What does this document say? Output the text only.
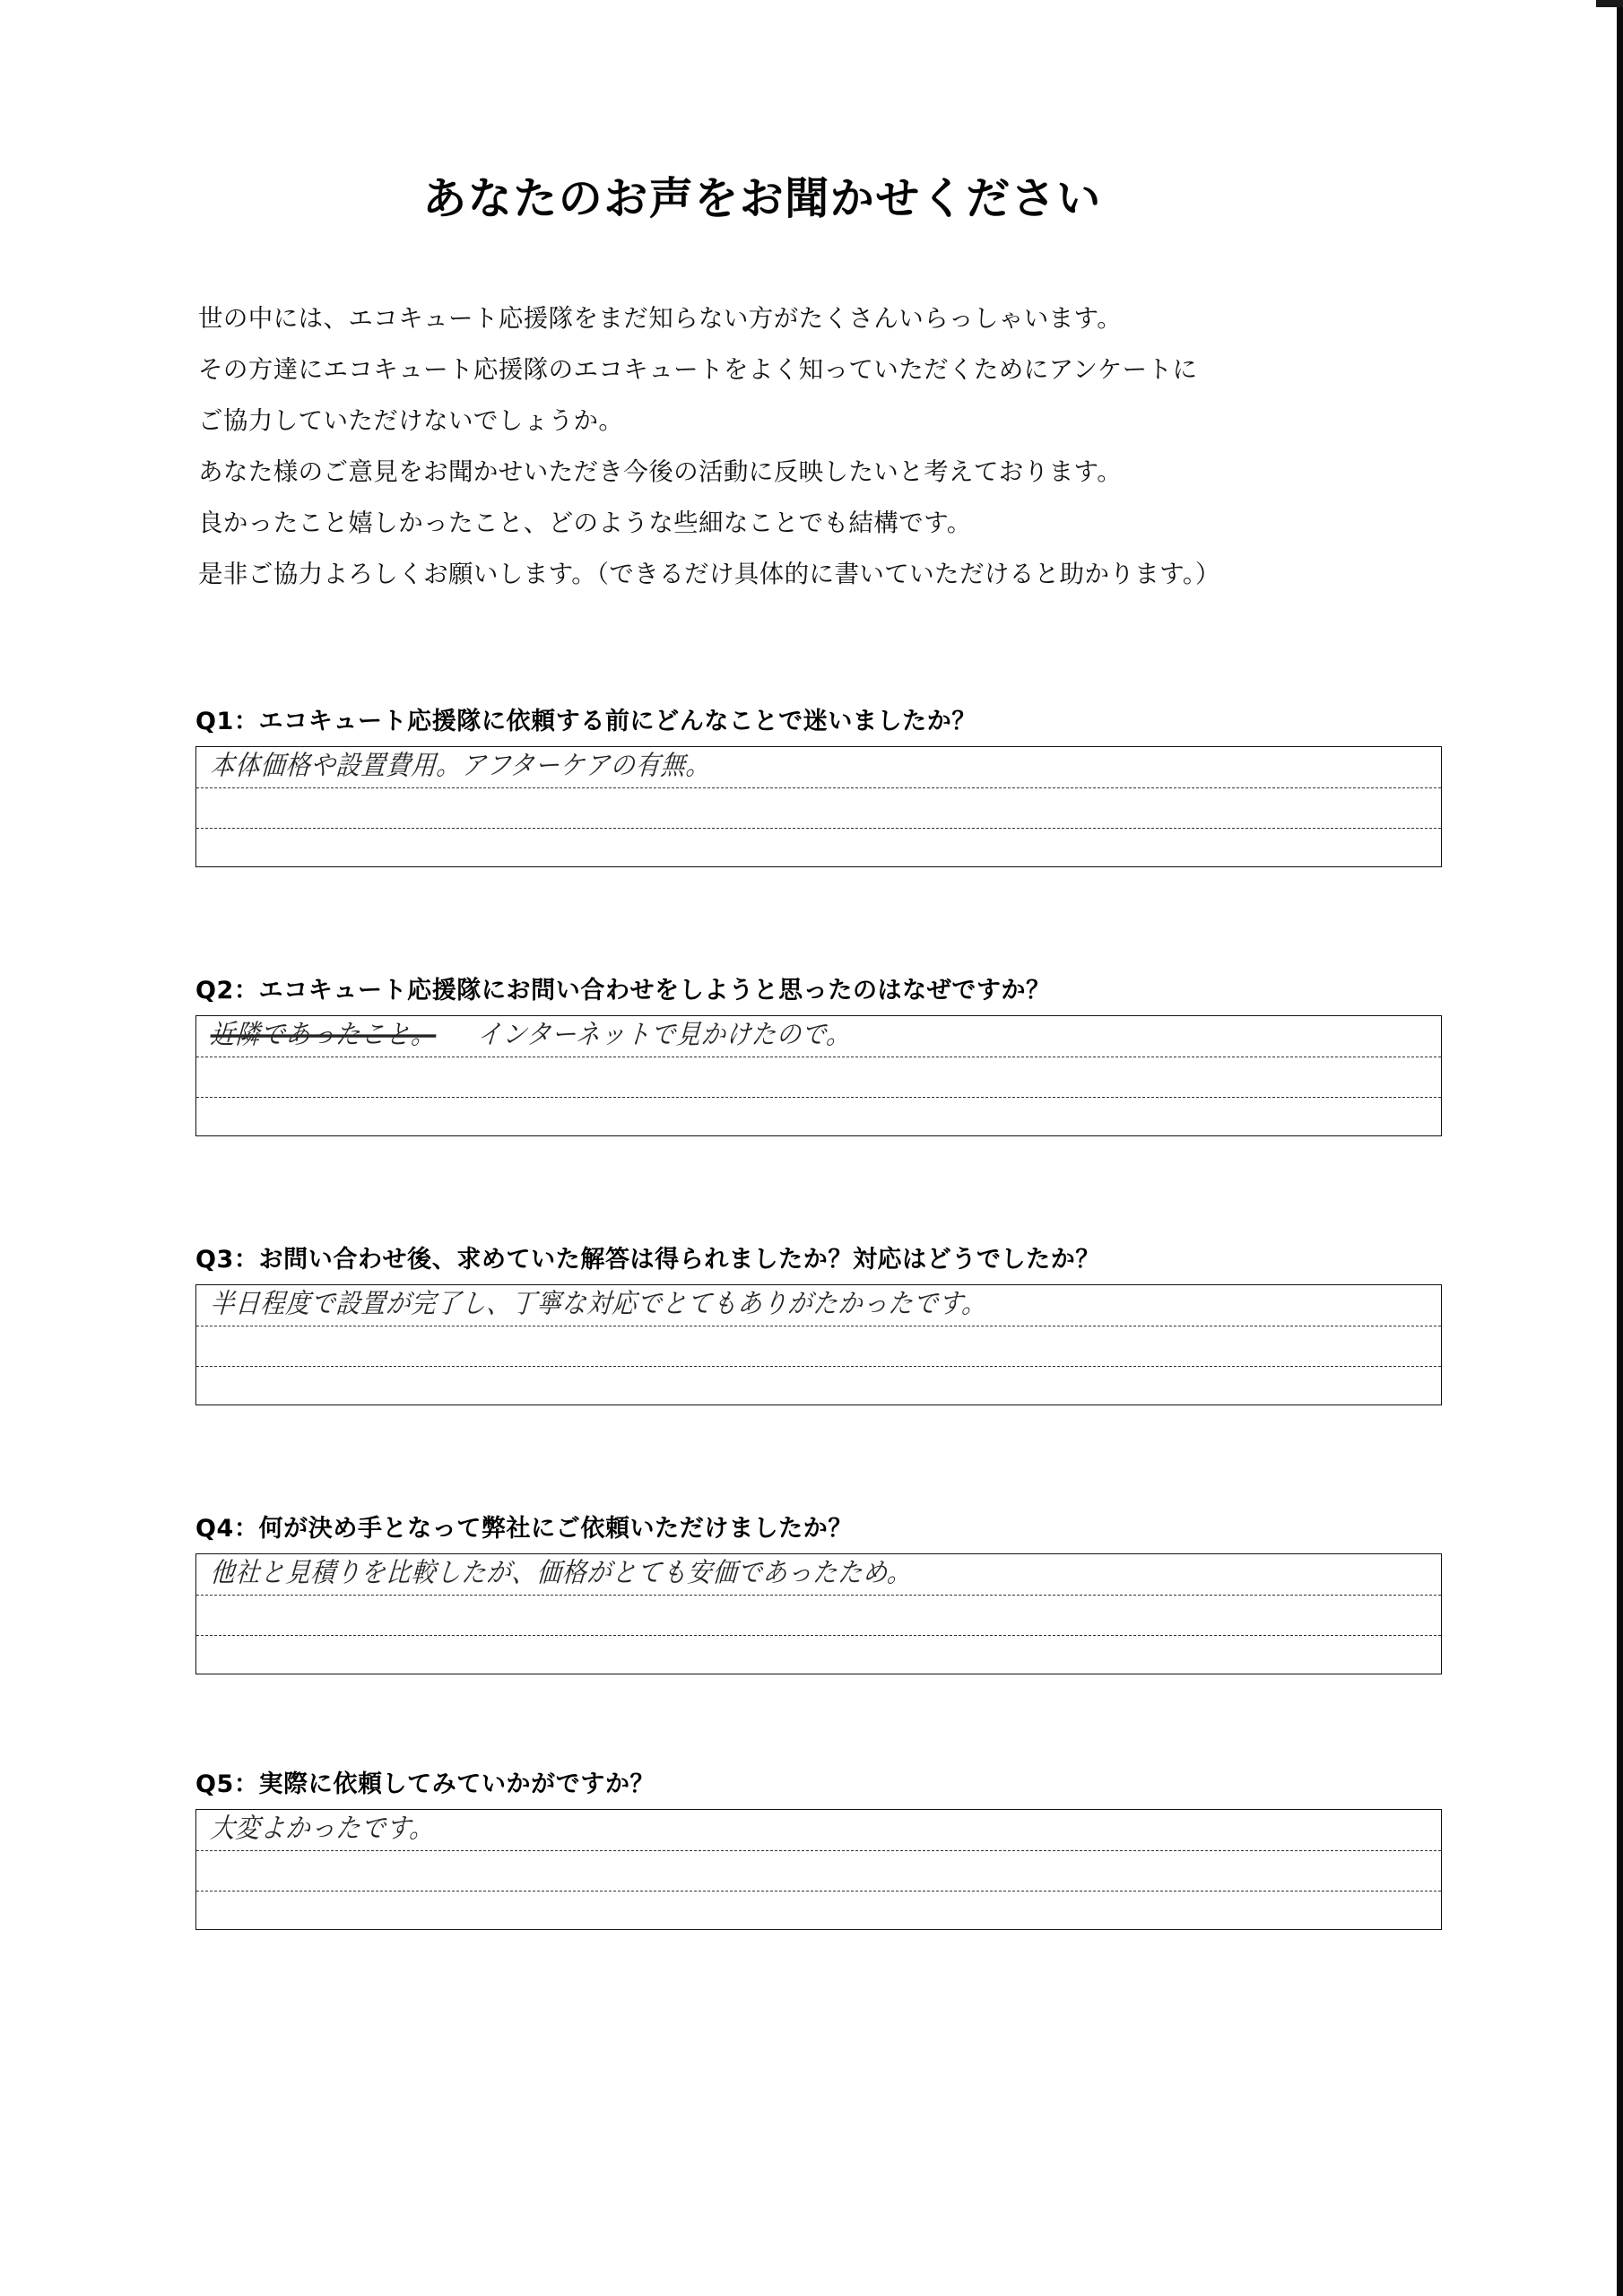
あなたのお声をお聞かせください
世の中には、エコキュート応援隊をまだ知らない方がたくさんいらっしゃいます。
その方達にエコキュート応援隊のエコキュートをよく知っていただくためにアンケートに
ご協力していただけないでしょうか。
あなた様のご意見をお聞かせいただき今後の活動に反映したいと考えております。
良かったこと嬉しかったこと、どのような些細なことでも結構です。
是非ご協力よろしくお願いします。（できるだけ具体的に書いていただけると助かります。）
Q1：エコキュート応援隊に依頼する前にどんなことで迷いましたか？
本体価格や設置費用。アフターケアの有無。
Q2：エコキュート応援隊にお問い合わせをしようと思ったのはなぜですか？
近隣であったこと。 インターネットで見かけたので。
Q3：お問い合わせ後、求めていた解答は得られましたか？対応はどうでしたか？
半日程度で設置が完了し、丁寧な対応でとてもありがたかったです。
Q4：何が決め手となって弊社にご依頼いただけましたか？
他社と見積りを比較したが、価格がとても安価であったため。
Q5：実際に依頼してみていかがですか？
大変よかったです。
